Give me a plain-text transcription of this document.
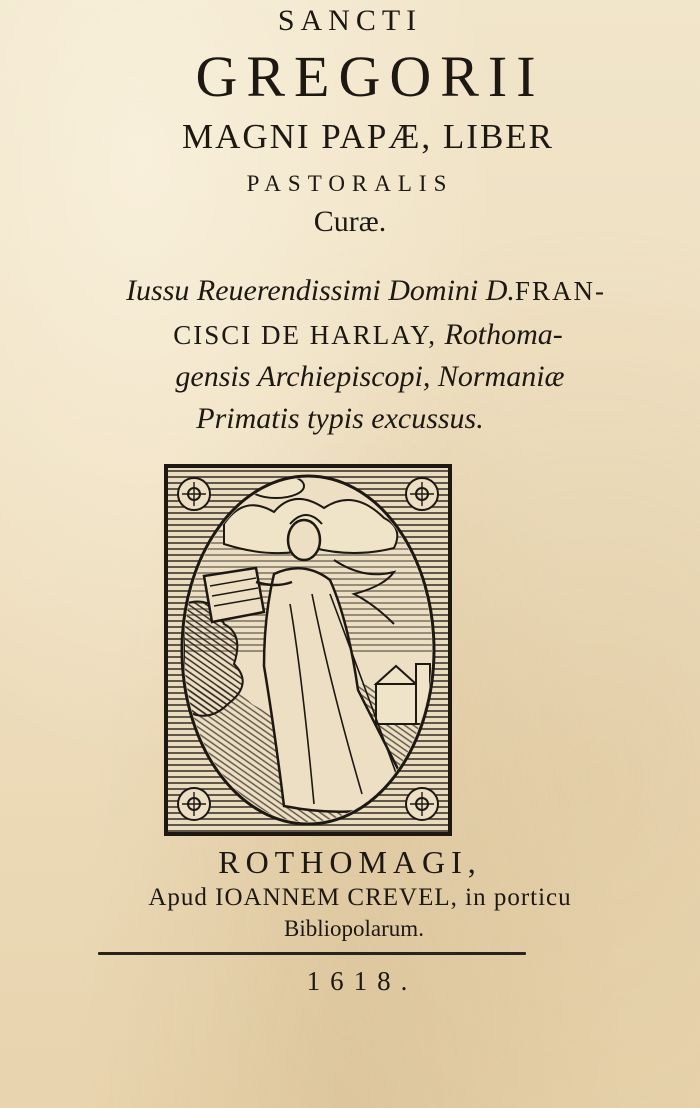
SANCTI
GREGORII
MAGNI PAPÆ, LIBER
PASTORALIS
Curæ.
Iussu Reuerendissimi Domini D.FRAN-
CISCI DE HARLAY, Rothoma-
gensis Archiepiscopi, Normaniæ
Primatis typis excussus.
ROTHOMAGI,
Apud IOANNEM CREVEL, in porticu
Bibliopolarum.
1618.
